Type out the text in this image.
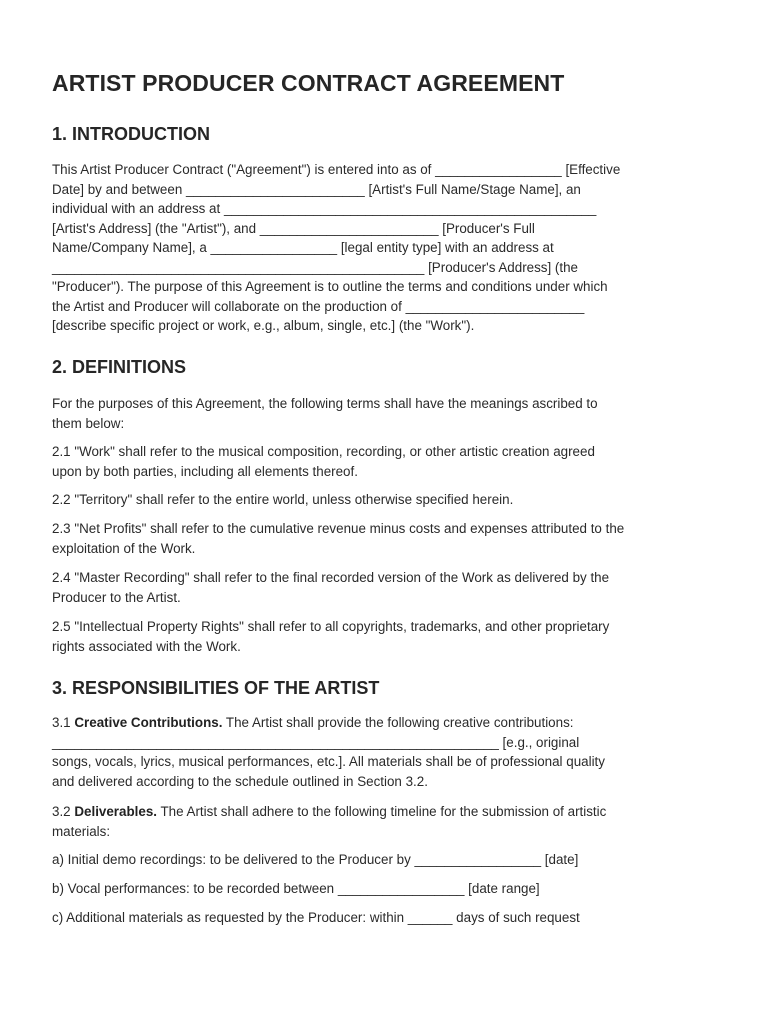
ARTIST PRODUCER CONTRACT AGREEMENT
1. INTRODUCTION

This Artist Producer Contract ("Agreement") is entered into as of _________________ [Effective
Date] by and between ________________________ [Artist's Full Name/Stage Name], an
individual with an address at __________________________________________________
[Artist's Address] (the "Artist"), and ________________________ [Producer's Full
Name/Company Name], a _________________ [legal entity type] with an address at
__________________________________________________ [Producer's Address] (the
"Producer"). The purpose of this Agreement is to outline the terms and conditions under which
the Artist and Producer will collaborate on the production of ________________________
[describe specific project or work, e.g., album, single, etc.] (the "Work").

2. DEFINITIONS

For the purposes of this Agreement, the following terms shall have the meanings ascribed to
them below:

2.1 "Work" shall refer to the musical composition, recording, or other artistic creation agreed
upon by both parties, including all elements thereof.

2.2 "Territory" shall refer to the entire world, unless otherwise specified herein.

2.3 "Net Profits" shall refer to the cumulative revenue minus costs and expenses attributed to the
exploitation of the Work.

2.4 "Master Recording" shall refer to the final recorded version of the Work as delivered by the
Producer to the Artist.

2.5 "Intellectual Property Rights" shall refer to all copyrights, trademarks, and other proprietary
rights associated with the Work.

3. RESPONSIBILITIES OF THE ARTIST

3.1 Creative Contributions. The Artist shall provide the following creative contributions:
____________________________________________________________ [e.g., original
songs, vocals, lyrics, musical performances, etc.]. All materials shall be of professional quality
and delivered according to the schedule outlined in Section 3.2.

3.2 Deliverables. The Artist shall adhere to the following timeline for the submission of artistic
materials:

a) Initial demo recordings: to be delivered to the Producer by _________________ [date]

b) Vocal performances: to be recorded between _________________ [date range]

c) Additional materials as requested by the Producer: within ______ days of such request
